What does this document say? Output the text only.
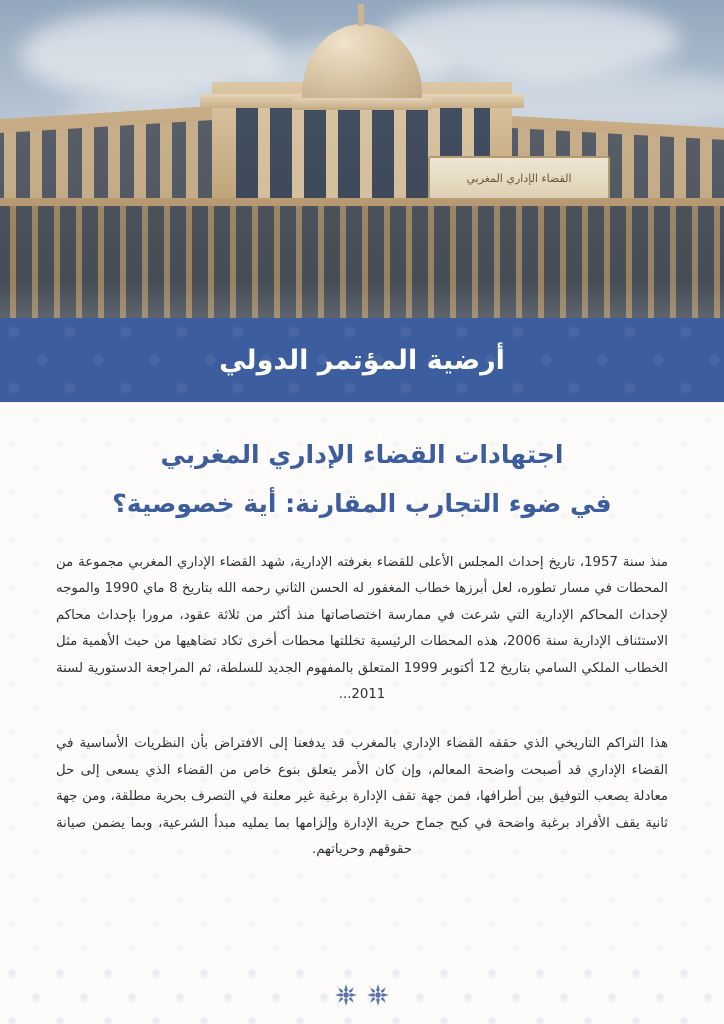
القضاء الإداري المغربي
أرضية المؤتمر الدولي
اجتهادات القضاء الإداري المغربي
في ضوء التجارب المقارنة: أية خصوصية؟

منذ سنة 1957، تاريخ إحداث المجلس الأعلى للقضاء بغرفته الإدارية، شهد القضاء الإداري المغربي مجموعة من المحطات في مسار تطوره، لعل أبرزها خطاب المغفور له الحسن الثاني رحمه الله بتاريخ 8 ماي 1990 والموجه لإحداث المحاكم الإدارية التي شرعت في ممارسة اختصاصاتها منذ أكثر من ثلاثة عقود، مرورا بإحداث محاكم الاستئناف الإدارية سنة 2006، هذه المحطات الرئيسية تخللتها محطات أخرى تكاد تضاهيها من حيث الأهمية مثل الخطاب الملكي السامي بتاريخ 12 أكتوبر 1999 المتعلق بالمفهوم الجديد للسلطة، ثم المراجعة الدستورية لسنة 2011...

هذا التراكم التاريخي الذي حققه القضاء الإداري بالمغرب قد يدفعنا إلى الافتراض بأن النظريات الأساسية في القضاء الإداري قد أصبحت واضحة المعالم، وإن كان الأمر يتعلق بنوع خاص من القضاء الذي يسعى إلى حل معادلة يصعب التوفيق بين أطرافها، فمن جهة تقف الإدارة برغبة غير معلنة في التصرف بحرية مطلقة، ومن جهة ثانية يقف الأفراد برغبة واضحة في كبح جماح حرية الإدارة وإلزامها بما يمليه مبدأ الشرعية، وبما يضمن صيانة حقوقهم وحرياتهم.
